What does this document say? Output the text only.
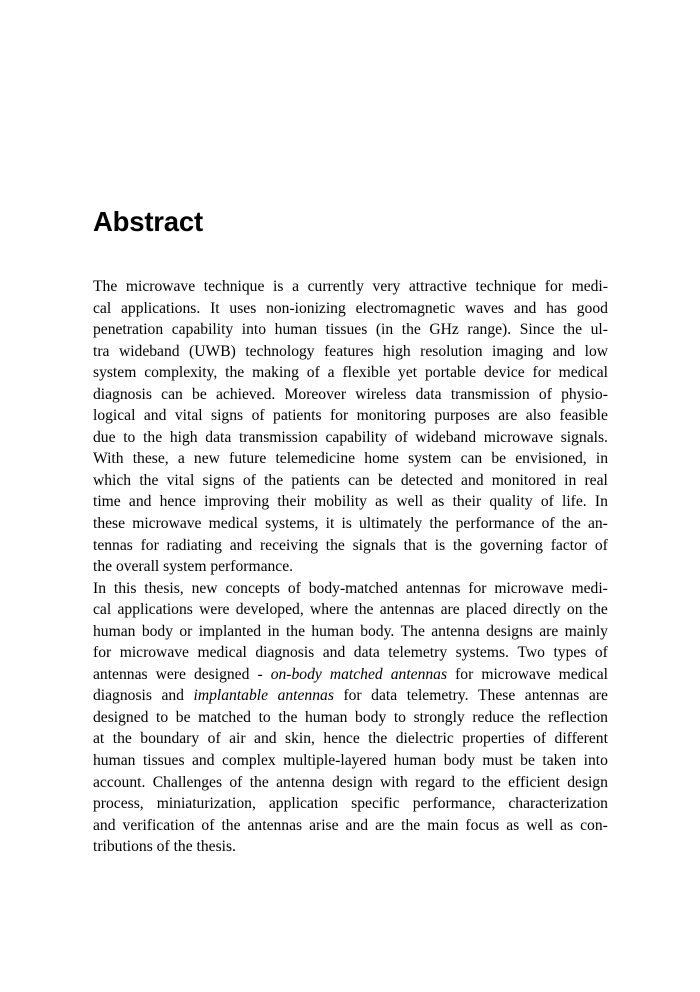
Abstract
The microwave technique is a currently very attractive technique for medi-
cal applications. It uses non-ionizing electromagnetic waves and has good
penetration capability into human tissues (in the GHz range). Since the ul-
tra wideband (UWB) technology features high resolution imaging and low
system complexity, the making of a flexible yet portable device for medical
diagnosis can be achieved. Moreover wireless data transmission of physio-
logical and vital signs of patients for monitoring purposes are also feasible
due to the high data transmission capability of wideband microwave signals.
With these, a new future telemedicine home system can be envisioned, in
which the vital signs of the patients can be detected and monitored in real
time and hence improving their mobility as well as their quality of life. In
these microwave medical systems, it is ultimately the performance of the an-
tennas for radiating and receiving the signals that is the governing factor of
the overall system performance.
In this thesis, new concepts of body-matched antennas for microwave medi-
cal applications were developed, where the antennas are placed directly on the
human body or implanted in the human body. The antenna designs are mainly
for microwave medical diagnosis and data telemetry systems. Two types of
antennas were designed - on-body matched antennas for microwave medical
diagnosis and implantable antennas for data telemetry. These antennas are
designed to be matched to the human body to strongly reduce the reflection
at the boundary of air and skin, hence the dielectric properties of different
human tissues and complex multiple-layered human body must be taken into
account. Challenges of the antenna design with regard to the efficient design
process, miniaturization, application specific performance, characterization
and verification of the antennas arise and are the main focus as well as con-
tributions of the thesis.
